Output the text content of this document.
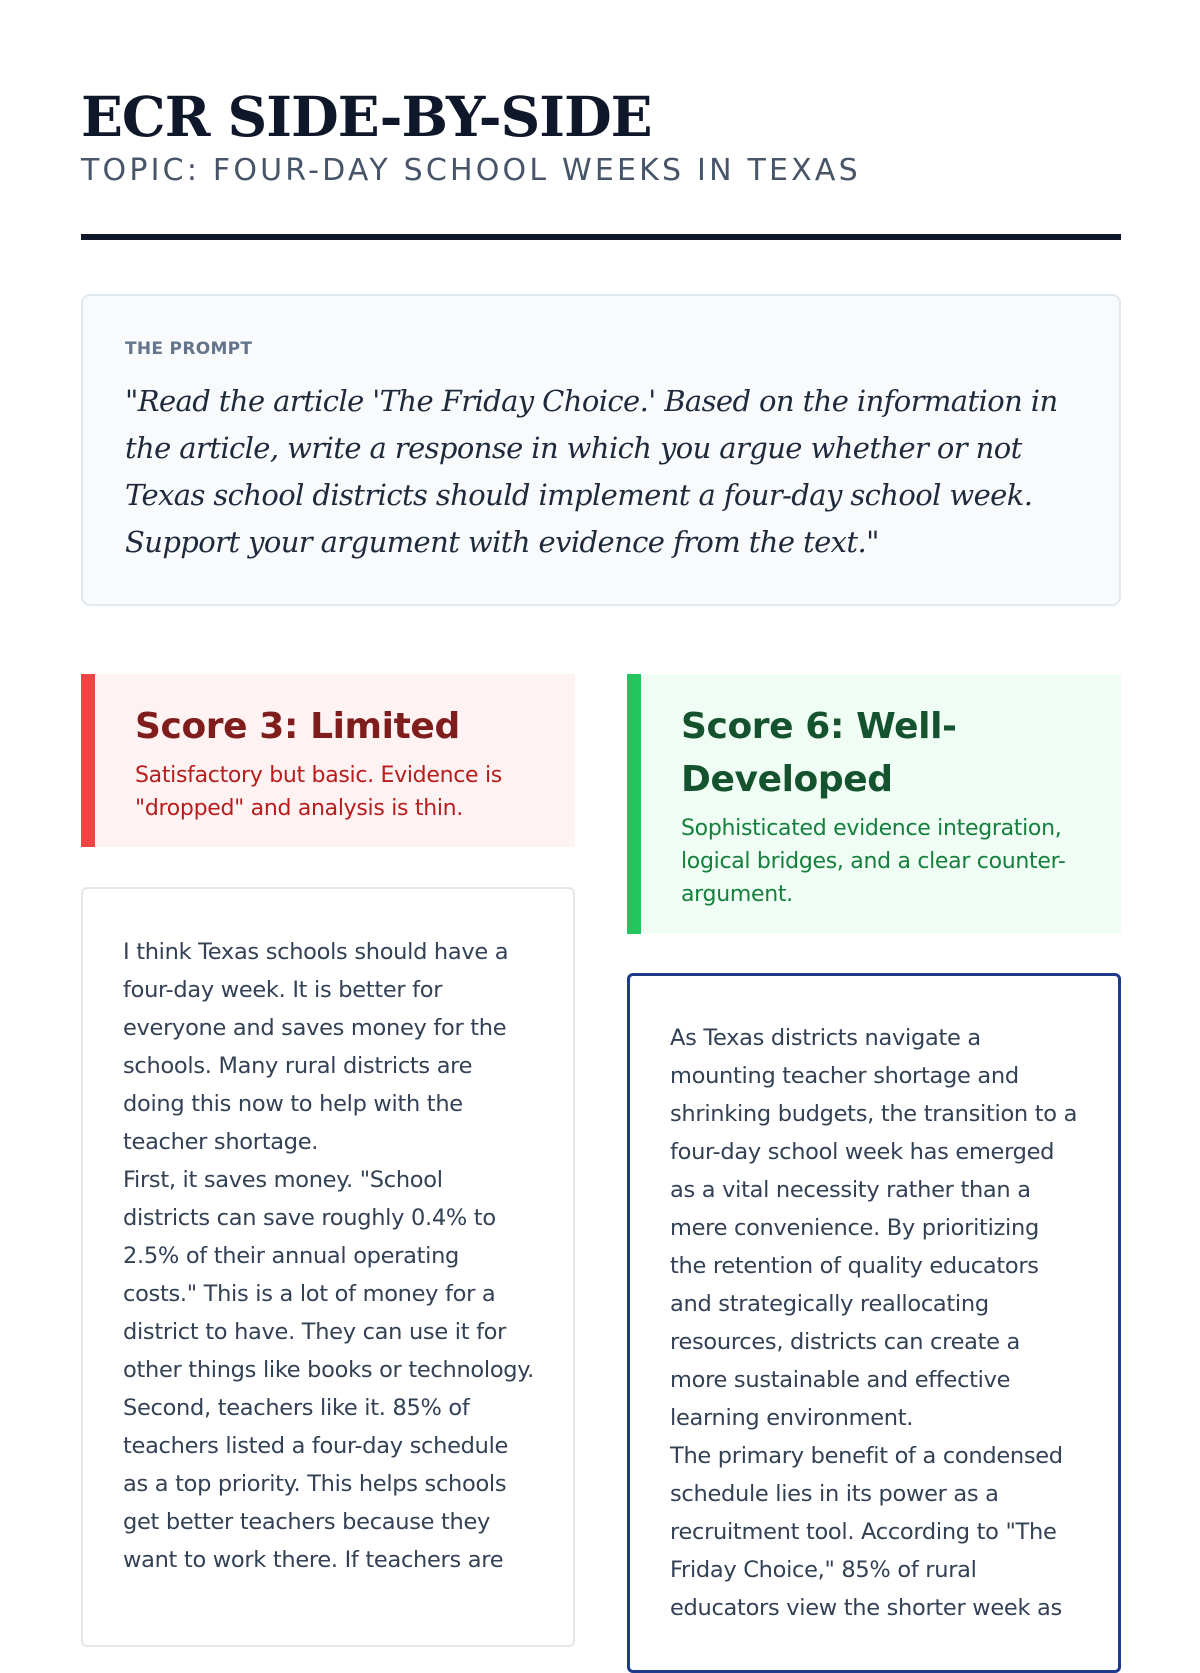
ECR SIDE-BY-SIDE
TOPIC: FOUR-DAY SCHOOL WEEKS IN TEXAS
THE PROMPT

"Read the article 'The Friday Choice.' Based on the information in the article, write a response in which you argue whether or not Texas school districts should implement a four-day school week. Support your argument with evidence from the text."

Score 3: Limited

Satisfactory but basic. Evidence is "dropped" and analysis is thin.

Score 6: Well-Developed

Sophisticated evidence integration, logical bridges, and a clear counter-argument.

I think Texas schools should have a four-day week. It is better for everyone and saves money for the schools. Many rural districts are doing this now to help with the teacher shortage.

First, it saves money. "School districts can save roughly 0.4% to 2.5% of their annual operating costs." This is a lot of money for a district to have. They can use it for other things like books or technology.

Second, teachers like it. 85% of teachers listed a four-day schedule as a top priority. This helps schools get better teachers because they want to work there. If teachers are

As Texas districts navigate a mounting teacher shortage and shrinking budgets, the transition to a four-day school week has emerged as a vital necessity rather than a mere convenience. By prioritizing the retention of quality educators and strategically reallocating resources, districts can create a more sustainable and effective learning environment.

The primary benefit of a condensed schedule lies in its power as a recruitment tool. According to "The Friday Choice," 85% of rural educators view the shorter week as
